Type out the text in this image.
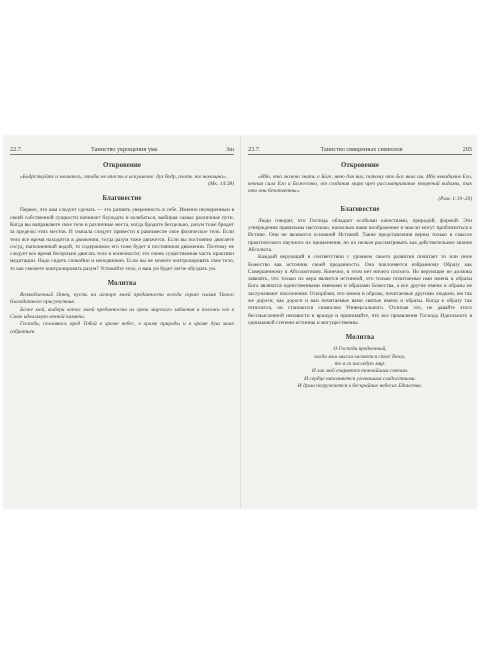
22.7.	Таинство укрощения ума	3ш
Откровение
«Бодрствуйте и молитесь, чтобы не впасть в искушение: дух бодр, плоть же немощна».
(Мк. 14:38)
Благовестие

Первое, что вам следует сделать — это развить уверенность в себе. Именно неуверенным в своей собственной сущности начинает блуждать и колебаться, выбирая самые различные пути. Когда вы направляете свое тело в различные места, когда бродите бесцельно, разум тоже бродит за пределы этих местов. И сначала следует привести в равновесие свое физическое тело. Если тело все время находится в движении, тогда разум тоже движется. Если вы постоянно двигаете сосуд, наполненный водой, то содержимое его тоже будет в постоянном движении. Поэтому не следует все время бесцельно двигать тело и конечности; это очень существенная часть практики медитации. Надо сидеть спокойно и неподвижно. Если вы не можете контролировать свое тело, то как сможете контролировать разум? Успокойте тело, и ваш ум будет легче обуздать ум.

Молитва

Возлюбленный Отец, пусть на алтаре моей преданности всегда горит пламя Твоего благодатного присутствия.

Боже мой, выбери лотос моей преданности из грязи мирского забвения и положи его в Свою идеальную вечной памяти.

Господи, склоняюсь пред Тобой в храме небес, в храме природы и в храме душ моих собратьев.

23.7.	Таинство священных символов	205
Откровение
«Ибо, что можно знать о Боге, явно для них, потому что Бог явил им. Ибо невидимое Его, вечная сила Его и Божество, от создания мира чрез рассматривание творений видимы, так что они безответны».
(Рим. 1:19–20)
Благовестие

Люди говорят, что Господь обладает особыми качествами, природой, формой. Эти утверждения правильны настолько, насколько ваше воображение и мысли могут приблизиться к Истине. Они не являются основной Истиной. Такие представления верны только в смысле практического научного их применения, но их нельзя рассматривать как действительное знание Абсолюта.

Каждый верующий в соответствии с уровнем своего развития почитает то или иное Божество как источник своей преданности. Она поклоняется избранному Образу как Совершенному в Абсолютному. Конечно, в этом нет ничего плохого. Но верующие не должны заявлять, что только их вера является истинной, что только почитаемые ими имена и образы Бога являются единственными именами и образами Божества, а все другие имена и образы не заслуживают поклонения. Оскорбляя, что имена и образы, почитаемые другими людьми, им так же дороги, как дороги и вам почитаемые вами святые имена и образы. Когда к образу так относятся, он становится символом Универсального. Отличая это, не давайте этого бессмысленной ненависти в вражде и принимайте, что все проявления Господа Идеального в одинаковой степени истинны и могущественны.

Молитва
О Господи предвечный,
когда мои мысли касаются стоп Твоих,
то я ги наследую мир.
И лик мой озаряется тончайшим светом.
И сердце наполняется уголчашим сладостными.
И душа погружается в бескрайних небесах Единства.
